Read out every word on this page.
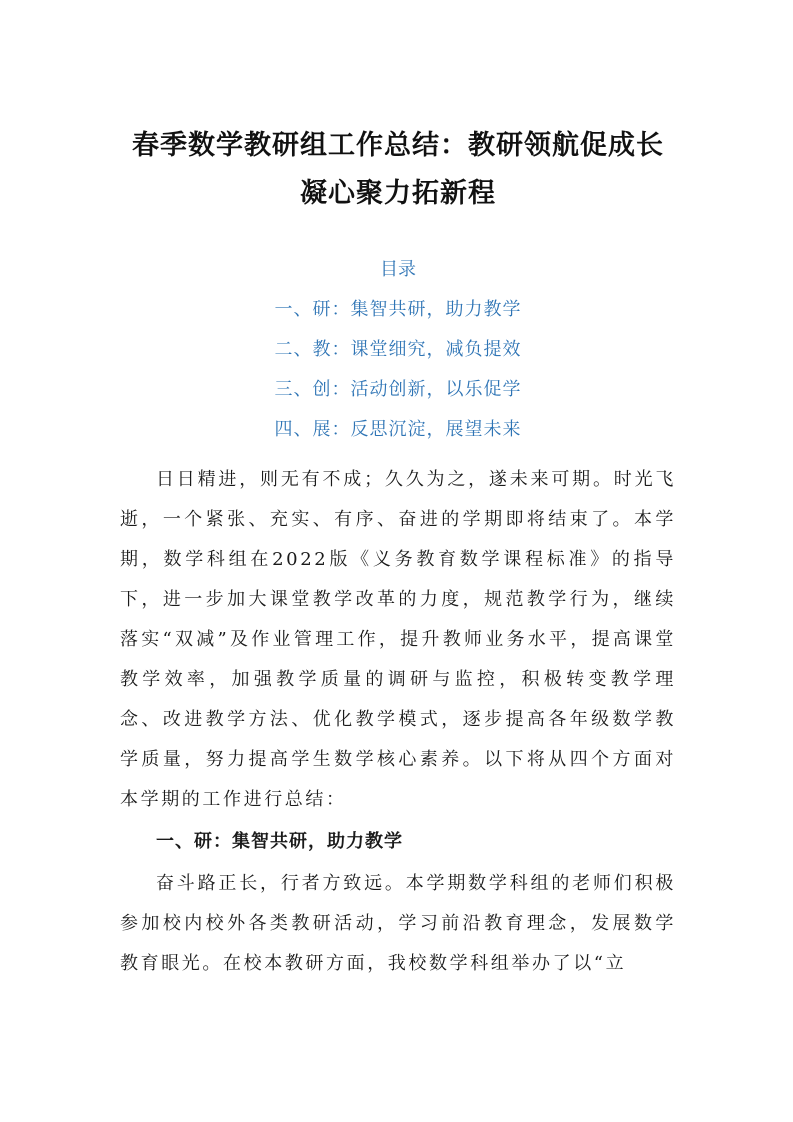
春季数学教研组工作总结：教研领航促成长
凝心聚力拓新程
目录
一、研：集智共研，助力教学
二、教：课堂细究，减负提效
三、创：活动创新，以乐促学
四、展：反思沉淀，展望未来

日日精进，则无有不成；久久为之，遂未来可期。时光飞逝，一个紧张、充实、有序、奋进的学期即将结束了。本学期，数学科组在2022版《义务教育数学课程标准》的指导下，进一步加大课堂教学改革的力度，规范教学行为，继续落实“双减”及作业管理工作，提升教师业务水平，提高课堂教学效率，加强教学质量的调研与监控，积极转变教学理念、改进教学方法、优化教学模式，逐步提高各年级数学教学质量，努力提高学生数学核心素养。以下将从四个方面对本学期的工作进行总结：

一、研：集智共研，助力教学

奋斗路正长，行者方致远。本学期数学科组的老师们积极参加校内校外各类教研活动，学习前沿教育理念，发展数学教育眼光。在校本教研方面，我校数学科组举办了以“立
